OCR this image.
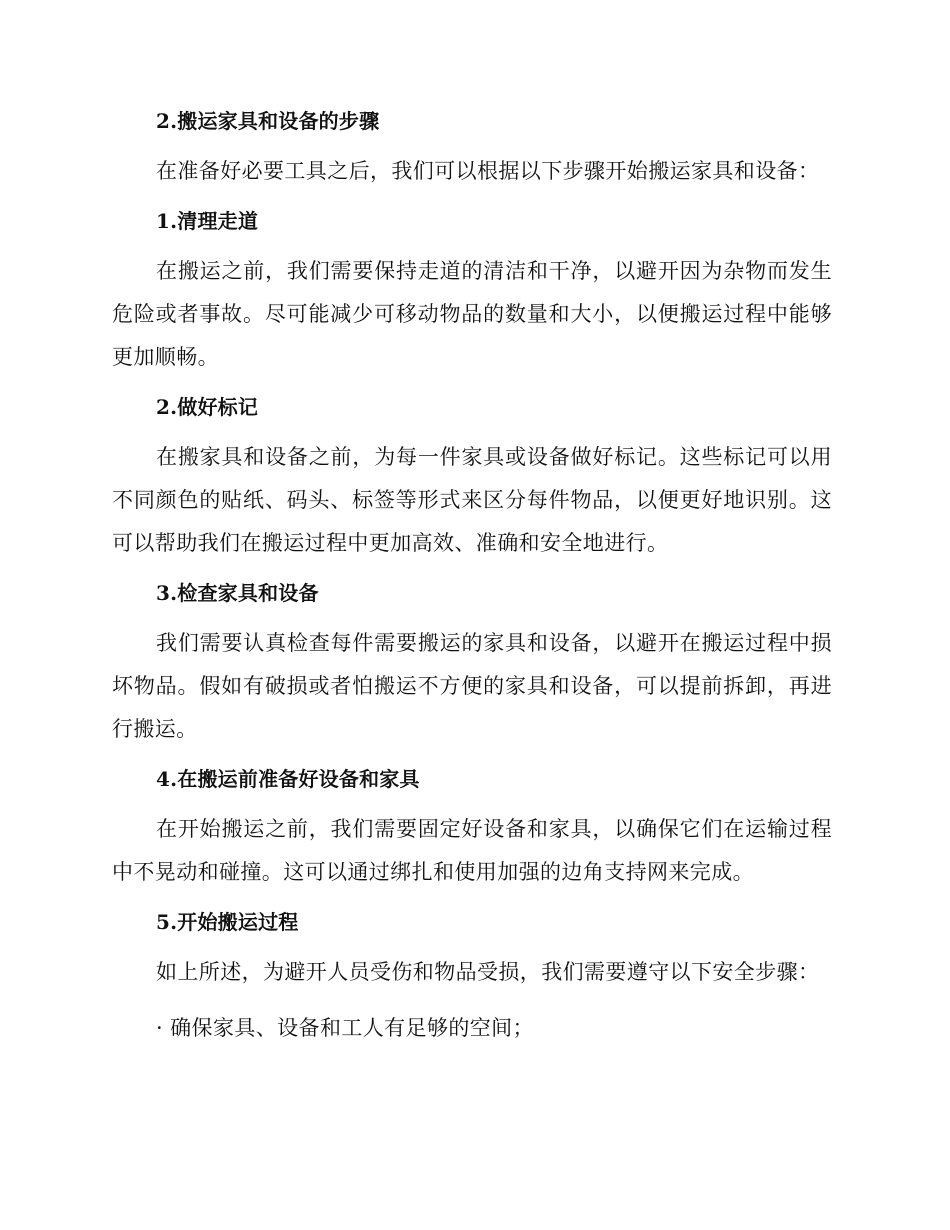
2.搬运家具和设备的步骤

在准备好必要工具之后，我们可以根据以下步骤开始搬运家具和设备：

1.清理走道

在搬运之前，我们需要保持走道的清洁和干净，以避开因为杂物而发生危险或者事故。尽可能减少可移动物品的数量和大小，以便搬运过程中能够更加顺畅。

2.做好标记

在搬家具和设备之前，为每一件家具或设备做好标记。这些标记可以用不同颜色的贴纸、码头、标签等形式来区分每件物品，以便更好地识别。这可以帮助我们在搬运过程中更加高效、准确和安全地进行。

3.检查家具和设备

我们需要认真检查每件需要搬运的家具和设备，以避开在搬运过程中损坏物品。假如有破损或者怕搬运不方便的家具和设备，可以提前拆卸，再进行搬运。

4.在搬运前准备好设备和家具

在开始搬运之前，我们需要固定好设备和家具，以确保它们在运输过程中不晃动和碰撞。这可以通过绑扎和使用加强的边角支持网来完成。

5.开始搬运过程

如上所述，为避开人员受伤和物品受损，我们需要遵守以下安全步骤：

· 确保家具、设备和工人有足够的空间；
